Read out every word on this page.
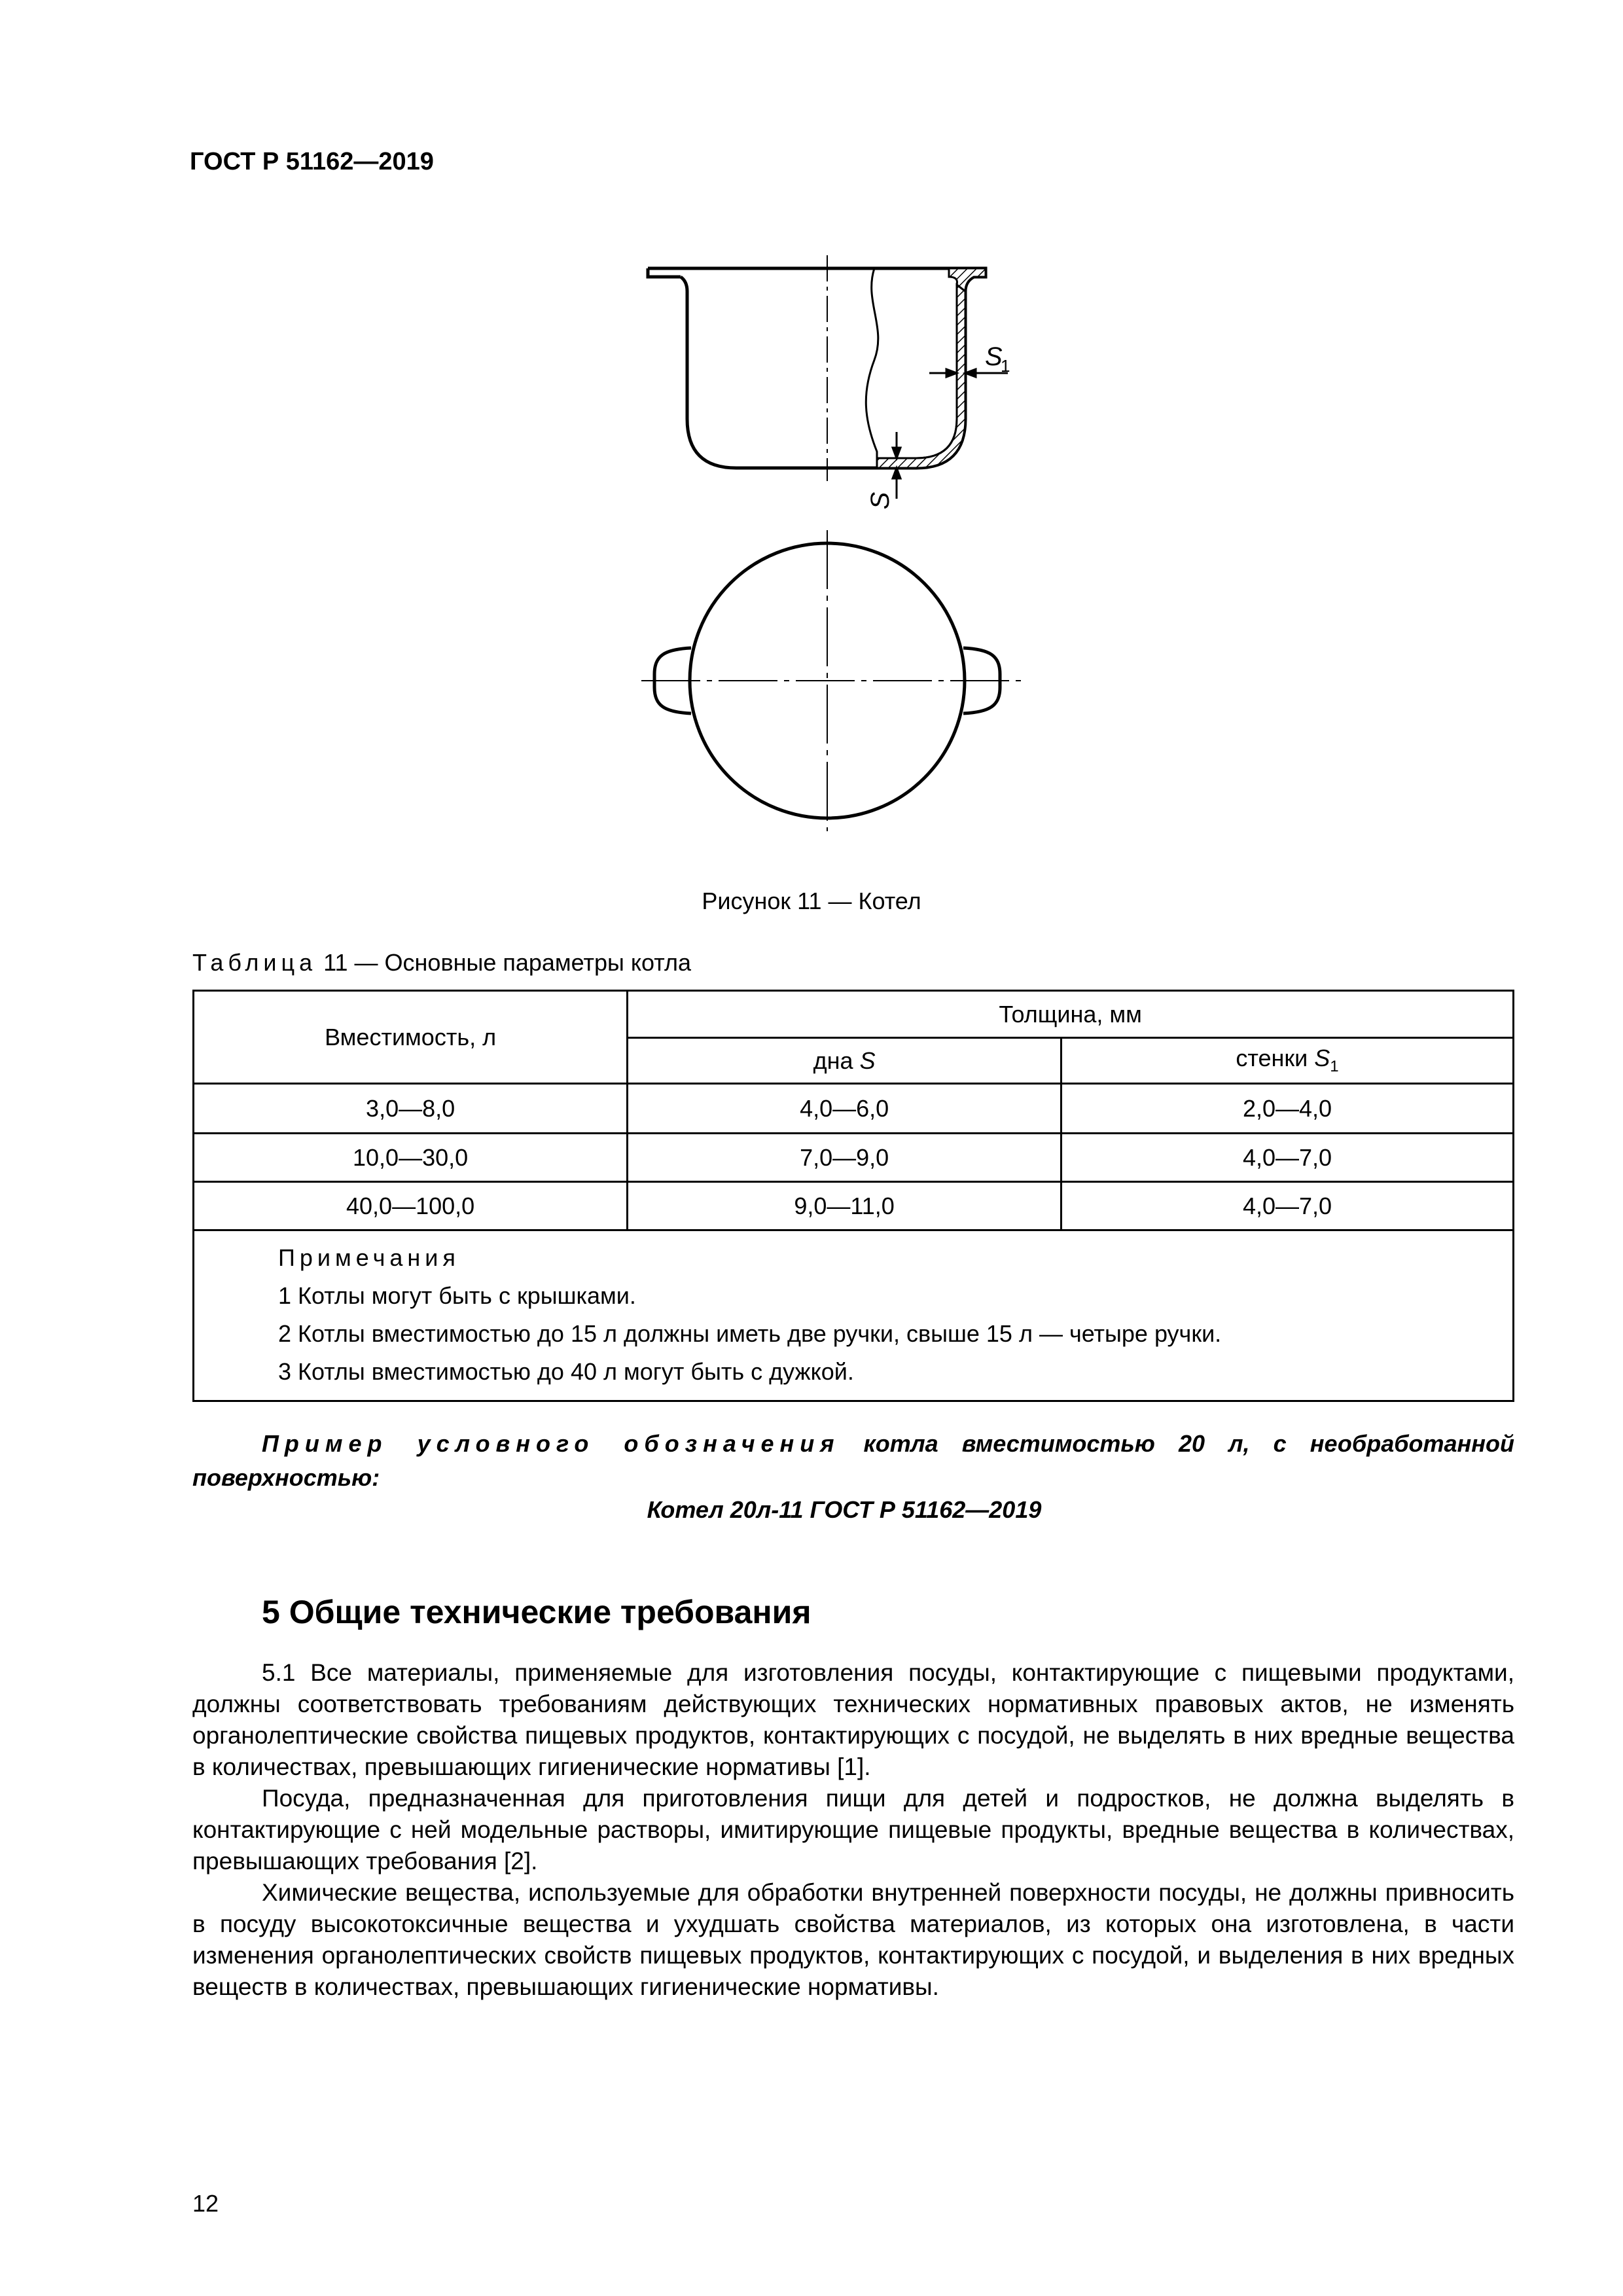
ГОСТ Р 51162—2019
S
1
S
Рисунок 11 — Котел
Таблица 11 — Основные параметры котла
Вместимость, л	Толщина, мм	
	дна S	стенки $S_1$
3,0—8,0	4,0—6,0	2,0—4,0
10,0—30,0	7,0—9,0	4,0—7,0
40,0—100,0	9,0—11,0	4,0—7,0

Примечания
1 Котлы могут быть с крышками.
2 Котлы вместимостью до 15 л должны иметь две ручки, свыше 15 л — четыре ручки.
3 Котлы вместимостью до 40 л могут быть с дужкой.		
Пример условного обозначения котла вместимостью 20 л, с необработанной поверхностью:
Котел 20л-11 ГОСТ Р 51162—2019
5 Общие технические требования

5.1 Все материалы, применяемые для изготовления посуды, контактирующие с пищевыми продуктами, должны соответствовать требованиям действующих технических нормативных правовых актов, не изменять органолептические свойства пищевых продуктов, контактирующих с посудой, не выделять в них вредные вещества в количествах, превышающих гигиенические нормативы [1].

Посуда, предназначенная для приготовления пищи для детей и подростков, не должна выделять в контактирующие с ней модельные растворы, имитирующие пищевые продукты, вредные вещества в количествах, превышающих требования [2].

Химические вещества, используемые для обработки внутренней поверхности посуды, не должны привносить в посуду высокотоксичные вещества и ухудшать свойства материалов, из которых она изготовлена, в части изменения органолептических свойств пищевых продуктов, контактирующих с посудой, и выделения в них вредных веществ в количествах, превышающих гигиенические нормативы.

12
